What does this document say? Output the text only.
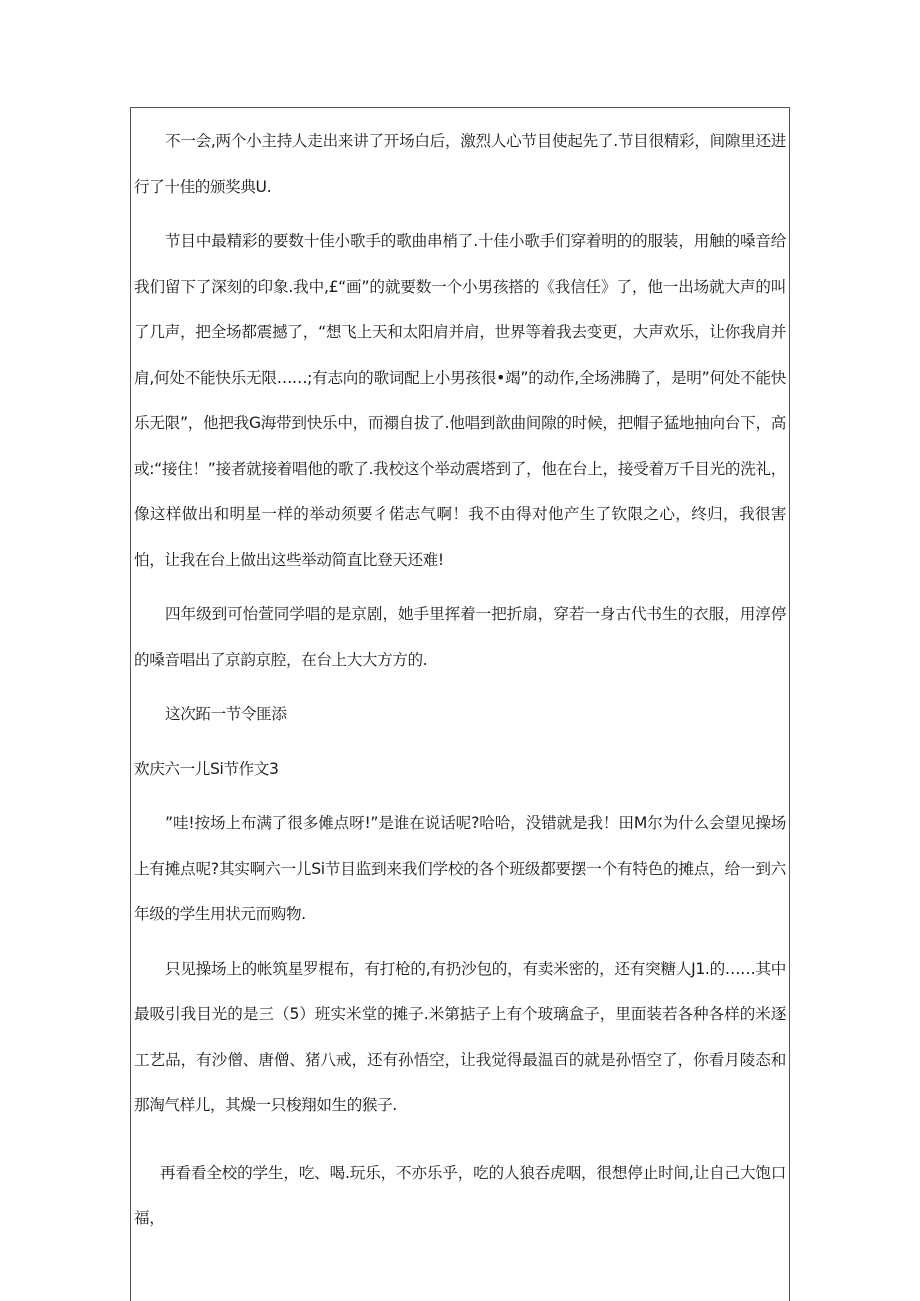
不一会,两个小主持人走出来讲了开场白后，激烈人心节目使起先了.节目很精彩，间隙里还进行了十佳的颁奖典U.

节目中最精彩的要数十佳小歌手的歌曲串梢了.十佳小歌手们穿着明的的服装，用触的嗓音给我们留下了深刻的印象.我中,£“画”的就要数一个小男孩搭的《我信任》了，他一出场就大声的叫了几声，把全场都震撼了，“想飞上天和太阳肩并肩，世界等着我去变更，大声欢乐，让你我肩并肩,何处不能快乐无限……;有志向的歌词配上小男孩很•竭”的动作,全场沸腾了，是明”何处不能快乐无限”，他把我G海带到快乐中，而禤自拔了.他唱到歆曲间隙的时候，把帽子猛地抽向台下，高或:“接住！”接者就接着唱他的歌了.我校这个举动震塔到了，他在台上，接受着万千目光的洗礼，像这样做出和明星一样的举动须要彳偌志气啊！我不由得对他产生了钦限之心，终归，我很害怕，让我在台上做出这些举动简直比登天还难!

四年级到可怡萱同学唱的是京剧，她手里挥着一把折扇，穿若一身古代书生的衣服，用淳停的嗓音唱出了京韵京腔，在台上大大方方的.

这次跖一节令匪添

欢庆六一儿Si节作文3

”哇!按场上布满了很多傩点呀!”是谁在说话呢?哈哈，没错就是我！田M尔为什么会望见操场上有摊点呢?其实啊六一儿Si节目监到来我们学校的各个班级都要摆一个有特色的摊点，给一到六年级的学生用状元而购物.

只见操场上的帐筑星罗棍布，有打枪的,有扔沙包的，有卖米密的，还有突糖人J1.的……其中最吸引我目光的是三（5）班实米堂的摊子.米第掂子上有个玻璃盒子，里面装若各种各样的米逐工艺品，有沙僧、唐僧、猪八戒，还有孙悟空，让我觉得最温百的就是孙悟空了，你看月陵态和那淘气样儿，其燥一只梭翔如生的猴子.

再看看全校的学生，吃、喝.玩乐，不亦乐乎，吃的人狼吞虎咽，很想停止时间,让自己大饱口福，
